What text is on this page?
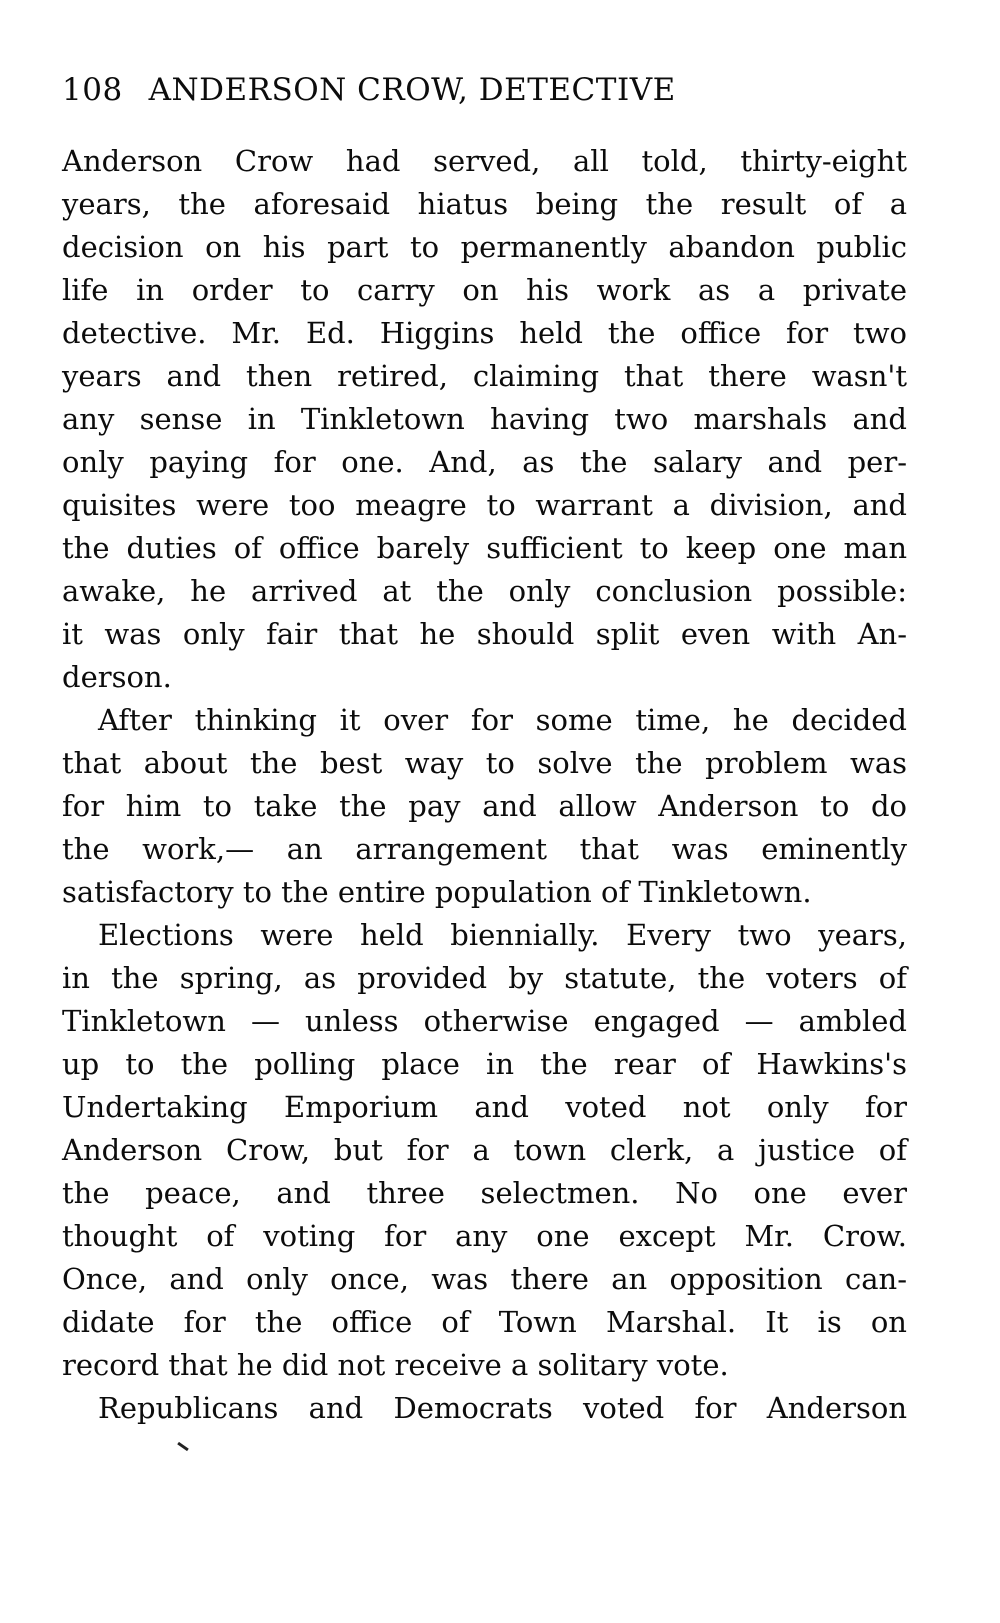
108 ANDERSON CROW, DETECTIVE
Anderson Crow had served, all told, thirty-eight
years, the aforesaid hiatus being the result of a
decision on his part to permanently abandon public
life in order to carry on his work as a private
detective. Mr. Ed. Higgins held the office for two
years and then retired, claiming that there wasn't
any sense in Tinkletown having two marshals and
only paying for one. And, as the salary and per-
quisites were too meagre to warrant a division, and
the duties of office barely sufficient to keep one man
awake, he arrived at the only conclusion possible:
it was only fair that he should split even with An-
derson.
After thinking it over for some time, he decided
that about the best way to solve the problem was
for him to take the pay and allow Anderson to do
the work,— an arrangement that was eminently
satisfactory to the entire population of Tinkletown.
Elections were held biennially. Every two years,
in the spring, as provided by statute, the voters of
Tinkletown — unless otherwise engaged — ambled
up to the polling place in the rear of Hawkins's
Undertaking Emporium and voted not only for
Anderson Crow, but for a town clerk, a justice of
the peace, and three selectmen. No one ever
thought of voting for any one except Mr. Crow.
Once, and only once, was there an opposition can-
didate for the office of Town Marshal. It is on
record that he did not receive a solitary vote.
Republicans and Democrats voted for Anderson
